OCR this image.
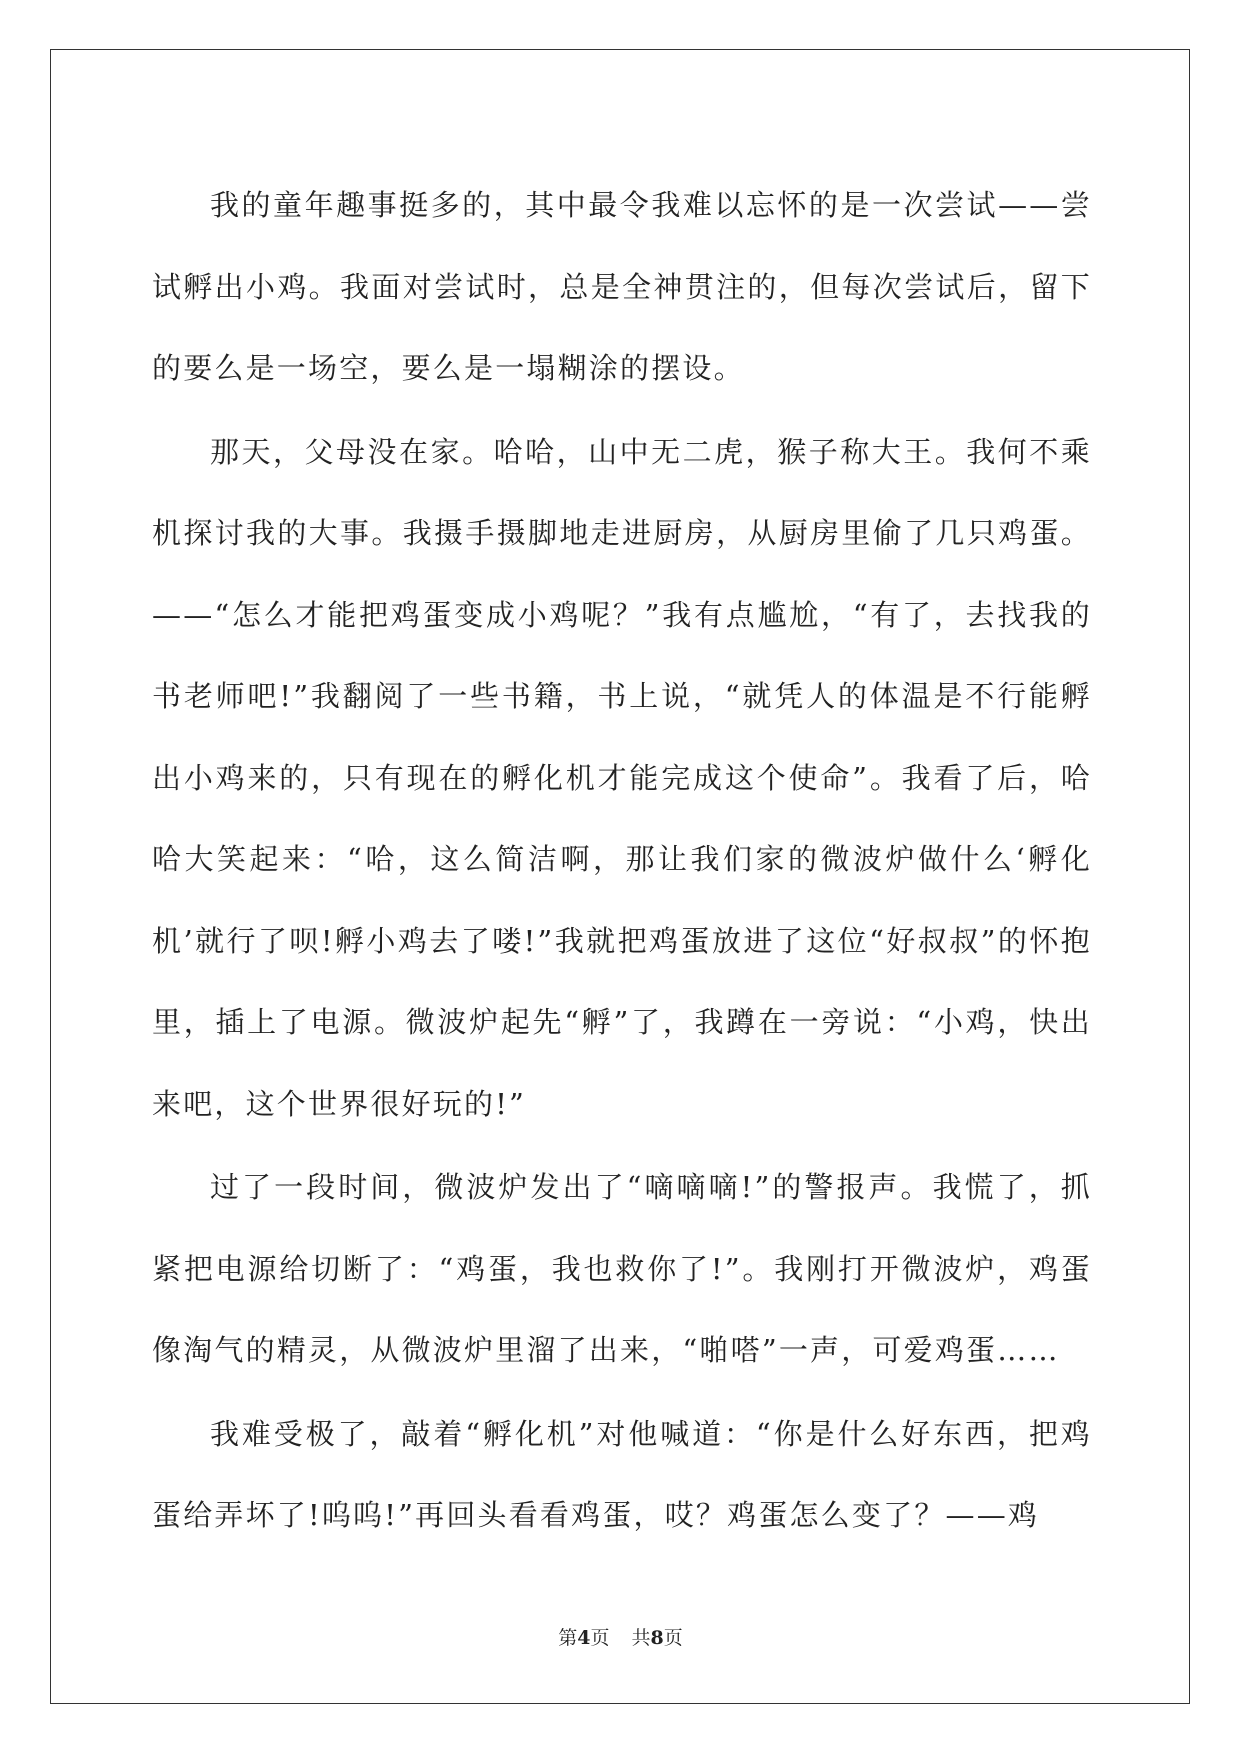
我的童年趣事挺多的，其中最令我难以忘怀的是一次尝试——尝试孵出小鸡。我面对尝试时，总是全神贯注的，但每次尝试后，留下的要么是一场空，要么是一塌糊涂的摆设。

那天，父母没在家。哈哈，山中无二虎，猴子称大王。我何不乘机探讨我的大事。我摄手摄脚地走进厨房，从厨房里偷了几只鸡蛋。——“怎么才能把鸡蛋变成小鸡呢？”我有点尴尬，“有了，去找我的书老师吧!”我翻阅了一些书籍，书上说，“就凭人的体温是不行能孵出小鸡来的，只有现在的孵化机才能完成这个使命”。我看了后，哈哈大笑起来：“哈，这么简洁啊，那让我们家的微波炉做什么‘孵化机’就行了呗!孵小鸡去了喽!”我就把鸡蛋放进了这位“好叔叔”的怀抱里，插上了电源。微波炉起先“孵”了，我蹲在一旁说：“小鸡，快出来吧，这个世界很好玩的!”

过了一段时间，微波炉发出了“嘀嘀嘀!”的警报声。我慌了，抓紧把电源给切断了：“鸡蛋，我也救你了!”。我刚打开微波炉，鸡蛋像淘气的精灵，从微波炉里溜了出来，“啪嗒”一声，可爱鸡蛋……

我难受极了，敲着“孵化机”对他喊道：“你是什么好东西，把鸡蛋给弄坏了!呜呜!”再回头看看鸡蛋，哎？鸡蛋怎么变了？——鸡

第4页 共8页
